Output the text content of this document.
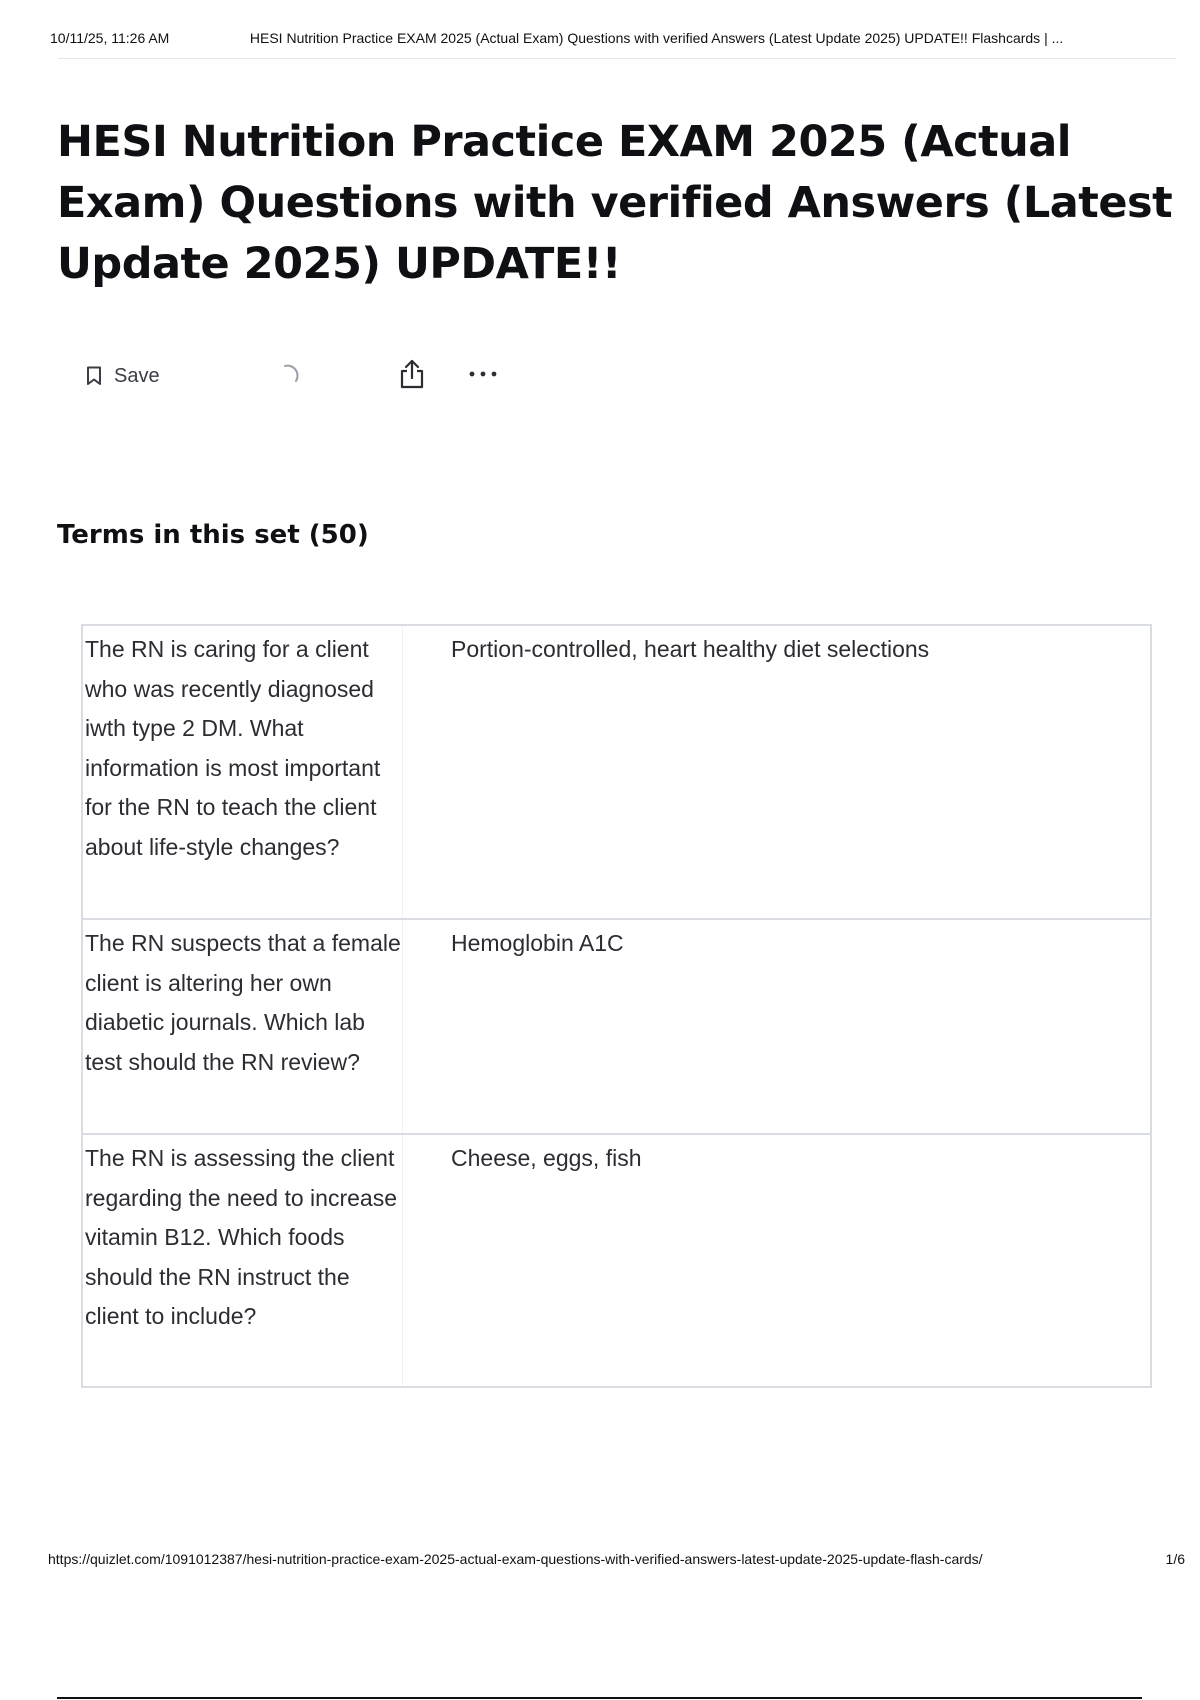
10/11/25, 11:26 AM	HESI Nutrition Practice EXAM 2025 (Actual Exam) Questions with verified Answers (Latest Update 2025) UPDATE!! Flashcards | ...
HESI Nutrition Practice EXAM 2025 (Actual Exam) Questions with verified Answers (Latest Update 2025) UPDATE!!
Save
Terms in this set (50)
The RN is caring for a client who was recently diagnosed iwth type 2 DM. What information is most important for the RN to teach the client about life-style changes?
Portion-controlled, heart healthy diet selections
The RN suspects that a female client is altering her own diabetic journals. Which lab test should the RN review?
Hemoglobin A1C
The RN is assessing the client regarding the need to increase vitamin B12. Which foods should the RN instruct the client to include?
Cheese, eggs, fish
https://quizlet.com/1091012387/hesi-nutrition-practice-exam-2025-actual-exam-questions-with-verified-answers-latest-update-2025-update-flash-cards/	1/6
